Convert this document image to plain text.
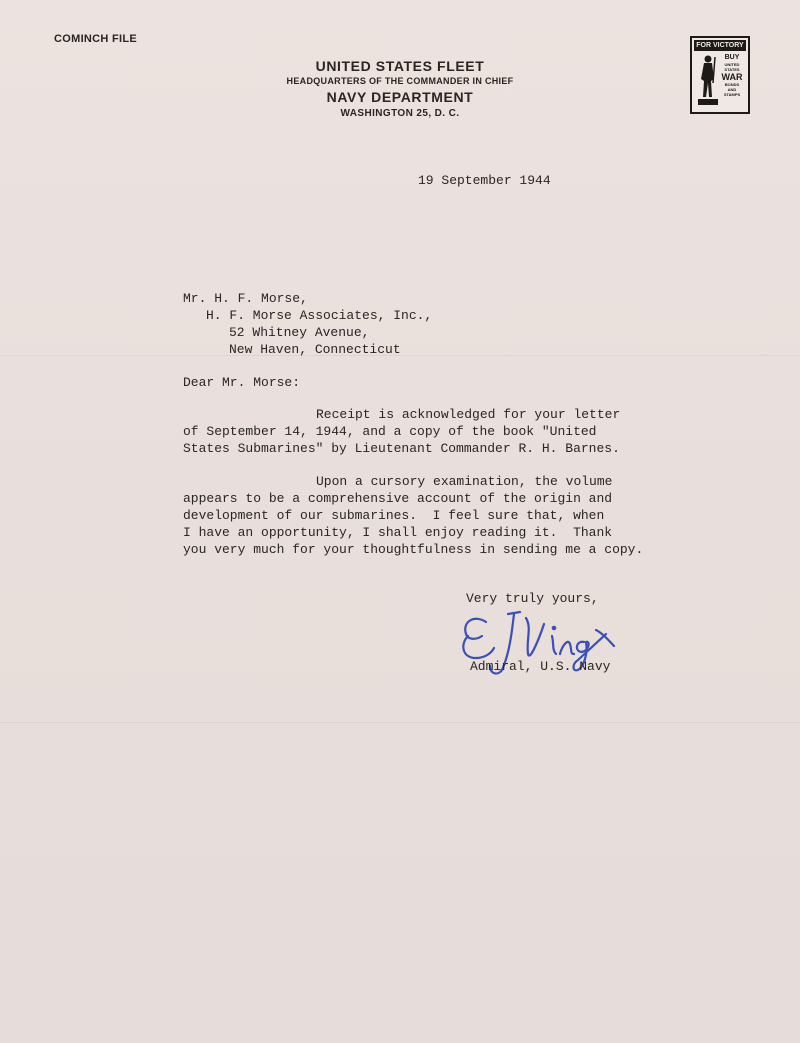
COMINCH FILE
UNITED STATES FLEET
HEADQUARTERS OF THE COMMANDER IN CHIEF
NAVY DEPARTMENT
WASHINGTON 25, D. C.
FOR VICTORY
BUY
UNITED
STATES
WAR
BONDS
AND
STAMPS
19 September 1944
Mr. H. F. Morse,
H. F. Morse Associates, Inc.,
52 Whitney Avenue,
New Haven, Connecticut
Dear Mr. Morse:
Receipt is acknowledged for your letter
of September 14, 1944, and a copy of the book "United
States Submarines" by Lieutenant Commander R. H. Barnes.
Upon a cursory examination, the volume
appears to be a comprehensive account of the origin and
development of our submarines.  I feel sure that, when
I have an opportunity, I shall enjoy reading it.  Thank
you very much for your thoughtfulness in sending me a copy.
Very truly yours,
Admiral, U.S. Navy
